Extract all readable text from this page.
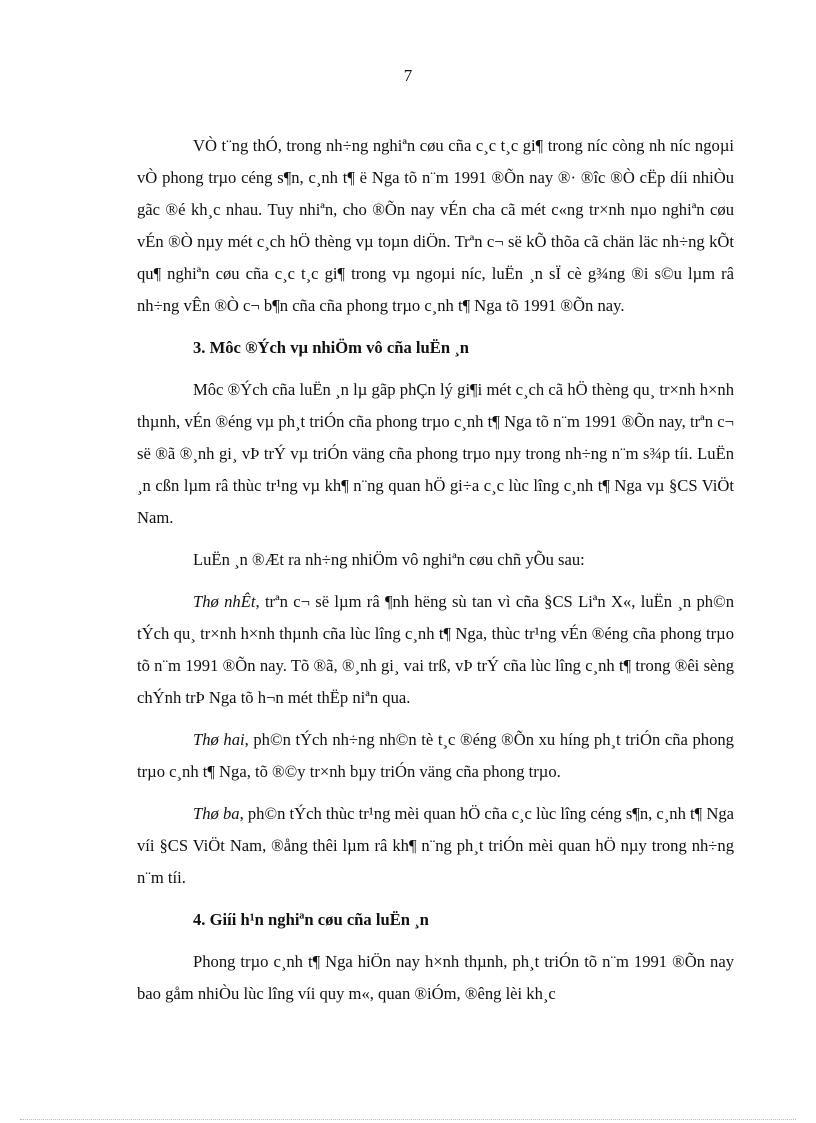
7

VÒ t¨ng thÓ, trong nh÷ng nghiªn cøu cña c¸c t¸c gi¶ trong níc còng nh níc ngoµi vÒ phong trµo céng s¶n, c¸nh t¶ ë Nga tõ n¨m 1991 ®Õn nay ®· ®îc ®Ò cËp díi nhiÒu gãc ®é kh¸c nhau. Tuy nhiªn, cho ®Õn nay vÉn cha cã mét c«ng tr×nh nµo nghiªn cøu vÉn ®Ò nµy mét c¸ch hÖ thèng vµ toµn diÖn. Trªn c¬ së kÕ thõa cã chän läc nh÷ng kÕt qu¶ nghiªn cøu cña c¸c t¸c gi¶ trong vµ ngoµi níc, luËn ¸n sÏ cè g¾ng ®i s©u lµm râ nh÷ng vÊn ®Ò c¬ b¶n cña cña phong trµo c¸nh t¶ Nga tõ 1991 ®Õn nay.

3. Môc ®Ých vµ nhiÖm vô cña luËn ¸n

Môc ®Ých cña luËn ¸n lµ gãp phÇn lý gi¶i mét c¸ch cã hÖ thèng qu¸ tr×nh h×nh thµnh, vÉn ®éng vµ ph¸t triÓn cña phong trµo c¸nh t¶ Nga tõ n¨m 1991 ®Õn nay, trªn c¬ së ®ã ®¸nh gi¸ vÞ trÝ vµ triÓn väng cña phong trµo nµy trong nh÷ng n¨m s¾p tíi. LuËn ¸n cßn lµm râ thùc tr¹ng vµ kh¶ n¨ng quan hÖ gi÷a c¸c lùc lîng c¸nh t¶ Nga vµ §CS ViÖt Nam.

LuËn ¸n ®Æt ra nh÷ng nhiÖm vô nghiªn cøu chñ yÕu sau:

Thø nhÊt, trªn c¬ së lµm râ ¶nh hëng sù tan vì cña §CS Liªn X«, luËn ¸n ph©n tÝch qu¸ tr×nh h×nh thµnh cña lùc lîng c¸nh t¶ Nga, thùc tr¹ng vÉn ®éng cña phong trµo tõ n¨m 1991 ®Õn nay. Tõ ®ã, ®¸nh gi¸ vai trß, vÞ trÝ cña lùc lîng c¸nh t¶ trong ®êi sèng chÝnh trÞ Nga tõ h¬n mét thËp niªn qua.

Thø hai, ph©n tÝch nh÷ng nh©n tè t¸c ®éng ®Õn xu híng ph¸t triÓn cña phong trµo c¸nh t¶ Nga, tõ ®©y tr×nh bµy triÓn väng cña phong trµo.

Thø ba, ph©n tÝch thùc tr¹ng mèi quan hÖ cña c¸c lùc lîng céng s¶n, c¸nh t¶ Nga víi §CS ViÖt Nam, ®ång thêi lµm râ kh¶ n¨ng ph¸t triÓn mèi quan hÖ nµy trong nh÷ng n¨m tíi.

4. Giíi h¹n nghiªn cøu cña luËn ¸n

Phong trµo c¸nh t¶ Nga hiÖn nay h×nh thµnh, ph¸t triÓn tõ n¨m 1991 ®Õn nay bao gåm nhiÒu lùc lîng víi quy m«, quan ®iÓm, ®êng lèi kh¸c
